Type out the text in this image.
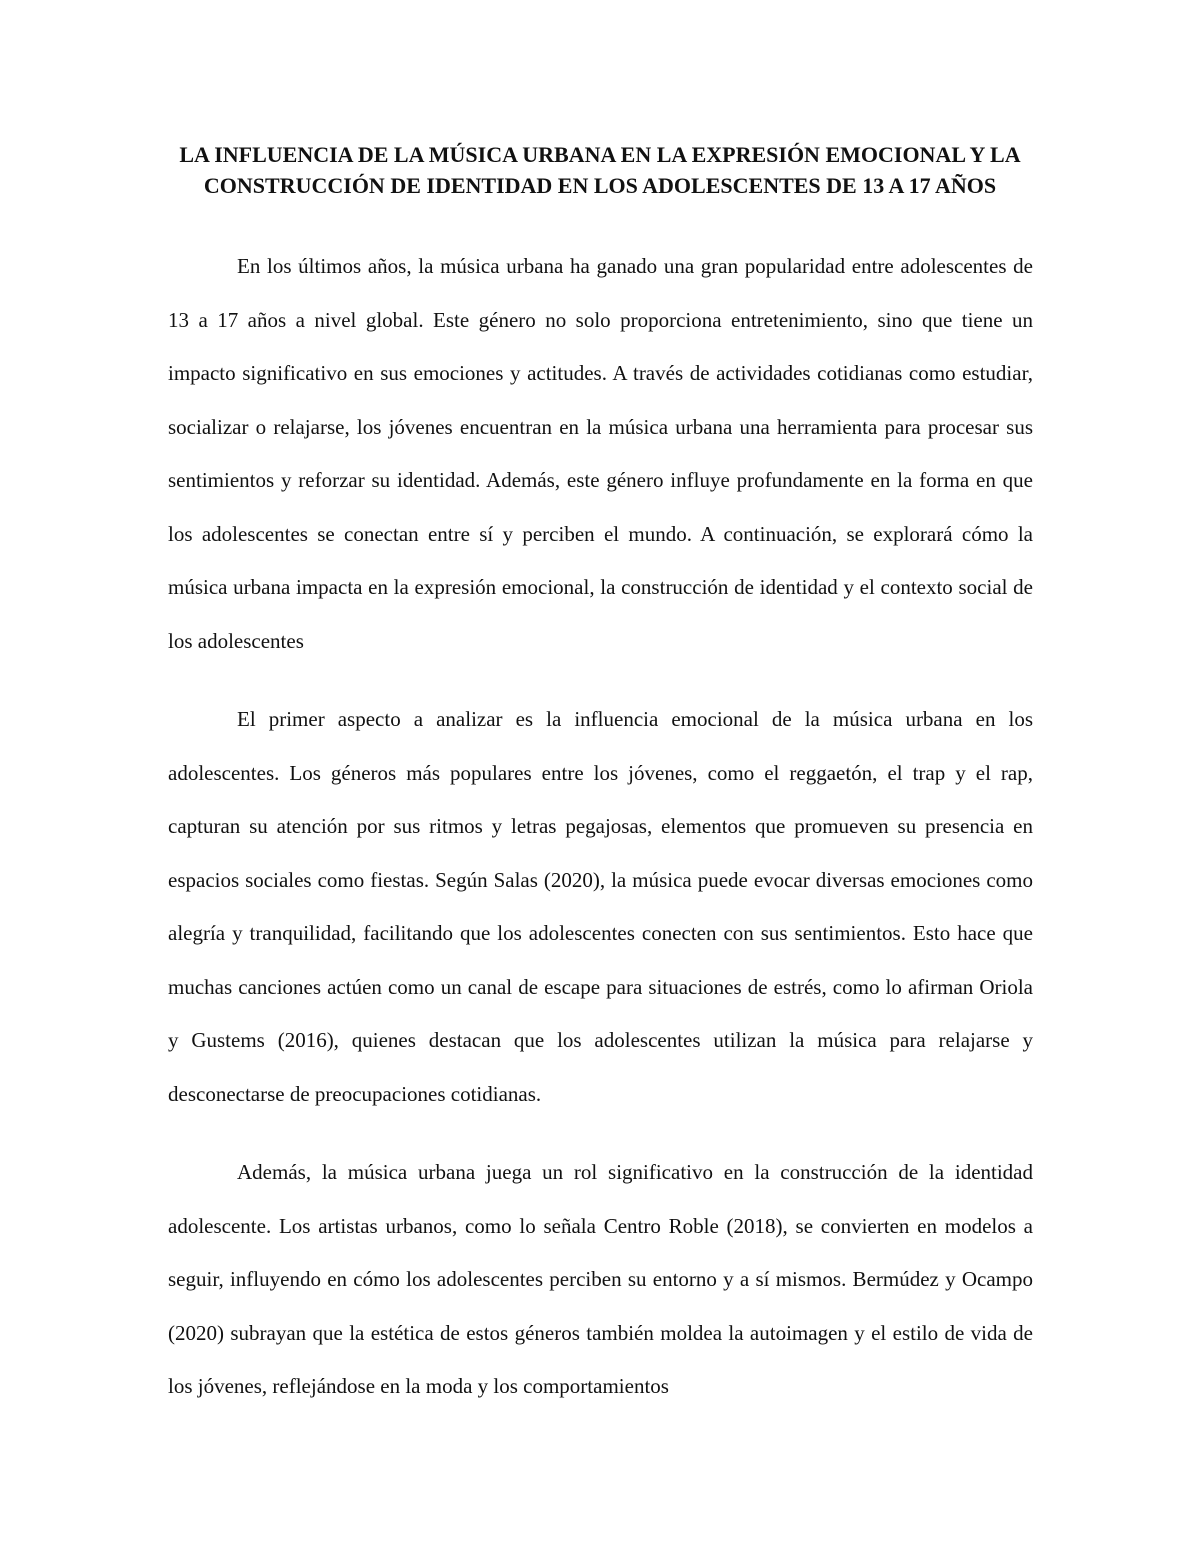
LA INFLUENCIA DE LA MÚSICA URBANA EN LA EXPRESIÓN EMOCIONAL Y LA CONSTRUCCIÓN DE IDENTIDAD EN LOS ADOLESCENTES DE 13 A 17 AÑOS

En los últimos años, la música urbana ha ganado una gran popularidad entre adolescentes de 13 a 17 años a nivel global. Este género no solo proporciona entretenimiento, sino que tiene un impacto significativo en sus emociones y actitudes. A través de actividades cotidianas como estudiar, socializar o relajarse, los jóvenes encuentran en la música urbana una herramienta para procesar sus sentimientos y reforzar su identidad. Además, este género influye profundamente en la forma en que los adolescentes se conectan entre sí y perciben el mundo. A continuación, se explorará cómo la música urbana impacta en la expresión emocional, la construcción de identidad y el contexto social de los adolescentes

El primer aspecto a analizar es la influencia emocional de la música urbana en los adolescentes. Los géneros más populares entre los jóvenes, como el reggaetón, el trap y el rap, capturan su atención por sus ritmos y letras pegajosas, elementos que promueven su presencia en espacios sociales como fiestas. Según Salas (2020), la música puede evocar diversas emociones como alegría y tranquilidad, facilitando que los adolescentes conecten con sus sentimientos. Esto hace que muchas canciones actúen como un canal de escape para situaciones de estrés, como lo afirman Oriola y Gustems (2016), quienes destacan que los adolescentes utilizan la música para relajarse y desconectarse de preocupaciones cotidianas.

Además, la música urbana juega un rol significativo en la construcción de la identidad adolescente. Los artistas urbanos, como lo señala Centro Roble (2018), se convierten en modelos a seguir, influyendo en cómo los adolescentes perciben su entorno y a sí mismos. Bermúdez y Ocampo (2020) subrayan que la estética de estos géneros también moldea la autoimagen y el estilo de vida de los jóvenes, reflejándose en la moda y los comportamientos
